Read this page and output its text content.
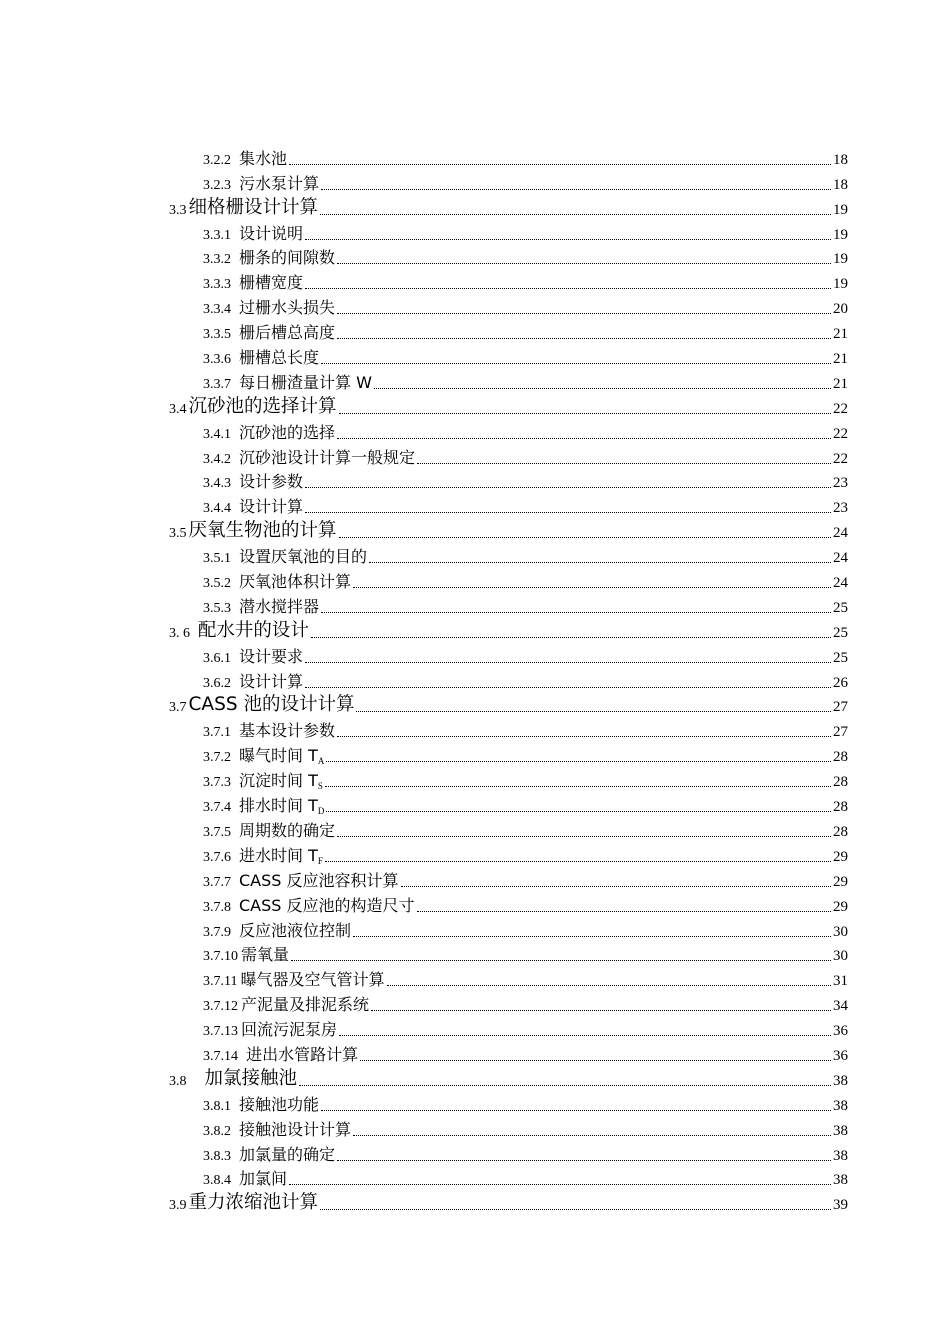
3.2.2 集水池	18
3.2.3 污水泵计算	18
3.3 细格栅设计计算	19
3.3.1 设计说明	19
3.3.2 栅条的间隙数	19
3.3.3 栅槽宽度	19
3.3.4 过栅水头损失	20
3.3.5 栅后槽总高度	21
3.3.6 栅槽总长度	21
3.3.7 每日栅渣量计算 W	21
3.4 沉砂池的选择计算	22
3.4.1 沉砂池的选择	22
3.4.2 沉砂池设计计算一般规定	22
3.4.3 设计参数	23
3.4.4 设计计算	23
3.5 厌氧生物池的计算	24
3.5.1 设置厌氧池的目的	24
3.5.2 厌氧池体积计算	24
3.5.3 潜水搅拌器	25
3. 6 配水井的设计	25
3.6.1 设计要求	25
3.6.2 设计计算	26
3.7 CASS 池的设计计算	27
3.7.1 基本设计参数	27
3.7.2 曝气时间 $T_A$	28
3.7.3 沉淀时间 $T_S$	28
3.7.4 排水时间 $T_D$	28
3.7.5 周期数的确定	28
3.7.6 进水时间 $T_F$	29
3.7.7 CASS 反应池容积计算	29
3.7.8 CASS 反应池的构造尺寸	29
3.7.9 反应池液位控制	30
3.7.10 需氧量	30
3.7.11 曝气器及空气管计算	31
3.7.12 产泥量及排泥系统	34
3.7.13 回流污泥泵房	36
3.7.14 进出水管路计算	36
3.8 加氯接触池	38
3.8.1 接触池功能	38
3.8.2 接触池设计计算	38
3.8.3 加氯量的确定	38
3.8.4 加氯间	38
3.9 重力浓缩池计算	39
